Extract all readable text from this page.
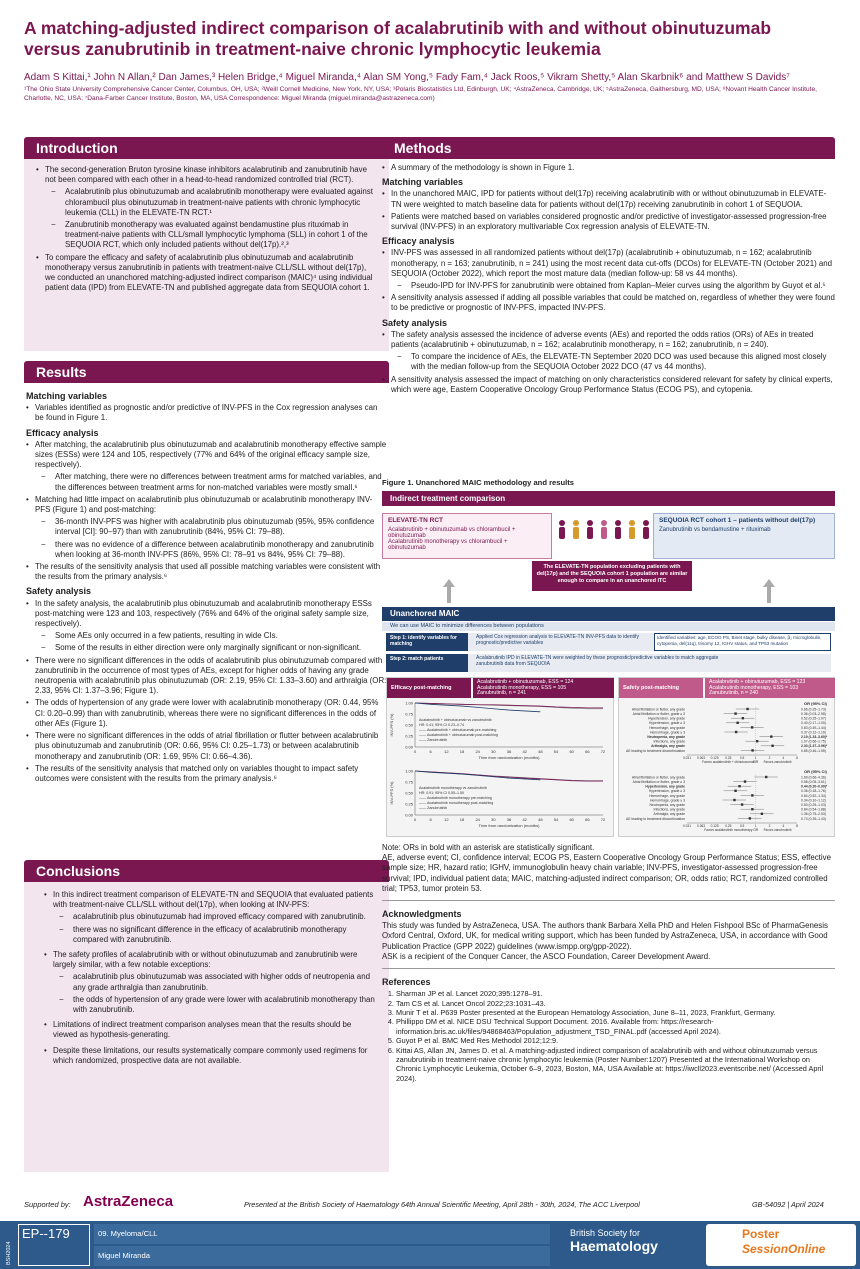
A matching-adjusted indirect comparison of acalabrutinib with and without obinutuzumab versus zanubrutinib in treatment-naive chronic lymphocytic leukemia
Adam S Kittai,¹ John N Allan,² Dan James,³ Helen Bridge,⁴ Miguel Miranda,⁴ Alan SM Yong,⁵ Fady Fam,⁴ Jack Roos,⁵ Vikram Shetty,⁵ Alan Skarbnik⁶ and Matthew S Davids⁷
¹The Ohio State University Comprehensive Cancer Center, Columbus, OH, USA; ²Weill Cornell Medicine, New York, NY, USA; ³Polaris Biostatistics Ltd, Edinburgh, UK; ⁴AstraZeneca, Cambridge, UK; ⁵AstraZeneca, Gaithersburg, MD, USA; ⁶Novant Health Cancer Institute, Charlotte, NC, USA; ⁷Dana-Farber Cancer Institute, Boston, MA, USA Correspondence: Miguel Miranda (miguel.miranda@astrazeneca.com)
Introduction
• The second-generation Bruton tyrosine kinase inhibitors acalabrutinib and zanubrutinib have not been compared with each other in a head-to-head randomized controlled trial (RCT).
− Acalabrutinib plus obinutuzumab and acalabrutinib monotherapy were evaluated against chlorambucil plus obinutuzumab in treatment-naive patients with chronic lymphocytic leukemia (CLL) in the ELEVATE-TN RCT.¹
− Zanubrutinib monotherapy was evaluated against bendamustine plus rituximab in treatment-naive patients with CLL/small lymphocytic lymphoma (SLL) in cohort 1 of the SEQUOIA RCT, which only included patients without del(17p).²,³
• To compare the efficacy and safety of acalabrutinib plus obinutuzumab and acalabrutinib monotherapy versus zanubrutinib in patients with treatment-naive CLL/SLL without del(17p), we conducted an unanchored matching-adjusted indirect comparison (MAIC)⁴ using individual patient data (IPD) from ELEVATE-TN and published aggregate data from SEQUOIA cohort 1.
Results
Matching variables
• Variables identified as prognostic and/or predictive of INV-PFS in the Cox regression analyses can be found in Figure 1.
Efficacy analysis
• After matching, the acalabrutinib plus obinutuzumab and acalabrutinib monotherapy effective sample sizes (ESSs) were 124 and 105, respectively (77% and 64% of the original efficacy sample size, respectively).
− After matching, there were no differences between treatment arms for matched variables, and the differences between treatment arms for non-matched variables were mostly small.⁶
• Matching had little impact on acalabrutinib plus obinutuzumab or acalabrutinib monotherapy INV-PFS (Figure 1) and post-matching:
− 36-month INV-PFS was higher with acalabrutinib plus obinutuzumab (95%, 95% confidence interval [CI]: 90–97) than with zanubrutinib (84%, 95% CI: 79–88).
− there was no evidence of a difference between acalabrutinib monotherapy and zanubrutinib when looking at 36-month INV-PFS (86%, 95% CI: 78–91 vs 84%, 95% CI: 79–88).
• The results of the sensitivity analysis that used all possible matching variables were consistent with the results from the primary analysis.⁶
Safety analysis
• In the safety analysis, the acalabrutinib plus obinutuzumab and acalabrutinib monotherapy ESSs post-matching were 123 and 103, respectively (76% and 64% of the original safety sample size, respectively).
− Some AEs only occurred in a few patients, resulting in wide CIs.
− Some of the results in either direction were only marginally significant or non-significant.
• There were no significant differences in the odds of acalabrutinib plus obinutuzumab compared with zanubrutinib in the occurrence of most types of AEs, except for higher odds of having any grade neutropenia with acalabrutinib plus obinutuzumab (OR: 2.19, 95% CI: 1.33–3.60) and arthralgia (OR: 2.33, 95% CI: 1.37–3.96; Figure 1).
• The odds of hypertension of any grade were lower with acalabrutinib monotherapy (OR: 0.44, 95% CI: 0.20–0.99) than with zanubrutinib, whereas there were no significant differences in the odds of other AEs (Figure 1).
• There were no significant differences in the odds of atrial fibrillation or flutter between acalabrutinib plus obinutuzumab and zanubrutinib (OR: 0.66, 95% CI: 0.25–1.73) or between acalabrutinib monotherapy and zanubrutinib (OR: 1.69, 95% CI: 0.66–4.36).
• The results of the sensitivity analysis that matched only on variables thought to impact safety outcomes were consistent with the results from the primary analysis.⁶
Conclusions
• In this indirect treatment comparison of ELEVATE-TN and SEQUOIA that evaluated patients with treatment-naive CLL/SLL without del(17p), when looking at INV-PFS:
− acalabrutinib plus obinutuzumab had improved efficacy compared with zanubrutinib.
− there was no significant difference in the efficacy of acalabrutinib monotherapy compared with zanubrutinib.
• The safety profiles of acalabrutinib with or without obinutuzumab and zanubrutinib were largely similar, with a few notable exceptions:
− acalabrutinib plus obinutuzumab was associated with higher odds of neutropenia and any grade arthralgia than zanubrutinib.
− the odds of hypertension of any grade were lower with acalabrutinib monotherapy than with zanubrutinib.
• Limitations of indirect treatment comparison analyses mean that the results should be viewed as hypothesis-generating.
• Despite these limitations, our results systematically compare commonly used regimens for which randomized, prospective data are not available.
Methods
• A summary of the methodology is shown in Figure 1.
Matching variables
• In the unanchored MAIC, IPD for patients without del(17p) receiving acalabrutinib with or without obinutuzumab in ELEVATE-TN were weighted to match baseline data for patients without del(17p) receiving zanubrutinib in cohort 1 of SEQUOIA.
• Patients were matched based on variables considered prognostic and/or predictive of investigator-assessed progression-free survival (INV-PFS) in an exploratory multivariable Cox regression analysis of ELEVATE-TN.
Efficacy analysis
• INV-PFS was assessed in all randomized patients without del(17p) (acalabrutinib + obinutuzumab, n = 162; acalabrutinib monotherapy, n = 163; zanubrutinib, n = 241) using the most recent data cut-offs (DCOs) for ELEVATE-TN (October 2021) and SEQUOIA (October 2022), which report the most mature data (median follow-up: 58 vs 44 months).
− Pseudo-IPD for INV-PFS for zanubrutinib were obtained from Kaplan–Meier curves using the algorithm by Guyot et al.⁵
• A sensitivity analysis assessed if adding all possible variables that could be matched on, regardless of whether they were found to be predictive or prognostic of INV-PFS, impacted INV-PFS.
Safety analysis
• The safety analysis assessed the incidence of adverse events (AEs) and reported the odds ratios (ORs) of AEs in treated patients (acalabrutinib + obinutuzumab, n = 162; acalabrutinib monotherapy, n = 162; zanubrutinib, n = 240).
− To compare the incidence of AEs, the ELEVATE-TN September 2020 DCO was used because this aligned most closely with the median follow-up from the SEQUOIA October 2022 DCO (47 vs 44 months).
• A sensitivity analysis assessed the impact of matching on only characteristics considered relevant for safety by clinical experts, which were age, Eastern Cooperative Oncology Group Performance Status (ECOG PS), and cytopenia.
Figure 1. Unanchored MAIC methodology and results
Indirect treatment comparison
ELEVATE-TN RCT
Acalabrutinib + obinutuzumab vs chlorambucil + obinutuzumab
Acalabrutinib monotherapy vs chlorambucil + obinutuzumab
SEQUOIA RCT cohort 1 – patients without del(17p)
Zanubrutinib vs bendamustine + rituximab
The ELEVATE-TN population excluding patients with del(17p) and the SEQUOIA cohort 1 population are similar enough to compare in an unanchored ITC
Unanchored MAIC
We can use MAIC to minimize differences between populations
Step 1: identify variables for matching
Applied Cox regression analysis to ELEVATE-TN INV-PFS data to identify prognostic/predictive variables
Identified variables: age, ECOG PS, Binet stage, bulky disease, β₂ microglobulin, cytopenia, del(11q), trisomy 12, IGHV status, and TP53 mutation
Step 2: match patients	Acalabrutinib IPD in ELEVATE-TN were weighted by these prognostic/predictive variables to match aggregate zanubrutinib data from SEQUOIA
Efficacy post-matching
Acalabrutinib + obinutuzumab, ESS = 124
Acalabrutinib monotherapy, ESS = 105
Zanubrutinib, n = 241
0.00
0.25
0.50
0.75
1.00
0	6	12	18	24	30	36	42	48	54	60	66	72
Time from randomization (months)
INV-PFS (%)	Acalabrutinib + obinutuzumab vs zanubrutinib
HR: 0.41; 95% CI 0.23–0.74
—— Acalabrutinib + obinutuzumab pre-matching
—— Acalabrutinib + obinutuzumab post-matching
—— Zanubrutinib
0.00
0.25
0.50
0.75
1.00
0	6	12	18	24	30	36	42	48	54	60	66	72
Time from randomization (months)
INV-PFS (%)	Acalabrutinib monotherapy vs zanubrutinib
HR: 0.91; 95% CI 0.55–1.50
—— Acalabrutinib monotherapy pre-matching
—— Acalabrutinib monotherapy post-matching
—— Zanubrutinib
Safety post-matching
Acalabrutinib + obinutuzumab, ESS = 123
Acalabrutinib monotherapy, ESS = 103
Zanubrutinib, n = 240
OR (95% CI)
Atrial fibrillation or flutter, any grade	0.66 (0.25–1.73)
Atrial fibrillation or flutter, grade ≥ 3	0.36 (0.03–2.98)
Hypertension, any grade	0.52 (0.25–1.07)
Hypertension, grade ≥ 3	0.40 (0.17–1.00)
Hemorrhage, any grade	0.83 (0.49–1.44)
Hemorrhage, grade ≥ 3	0.37 (0.12–1.19)
Neutropenia, any grade	2.19 (1.33–3.60)*
Infections, any grade	1.07 (0.66–1.75)
Arthralgia, any grade	2.33 (1.37–3.96)*
AE leading to treatment discontinuation	0.85 (0.46–1.55)
0.031 0.063 0.125 0.25	0.5	1	2	4	8
OR
Favors acalabrutinib + obinutuzumab	Favors zanubrutinib
OR (95% CI)
Atrial fibrillation or flutter, any grade	1.69 (0.66–4.36)
Atrial fibrillation or flutter, grade ≥ 3	0.58 (0.05–3.61)
Hypertension, any grade	0.44 (0.20–0.99)*
Hypertension, grade ≥ 3	0.36 (0.18–1.76)
Hemorrhage, any grade	0.84 (0.52–1.34)
Hemorrhage, grade ≥ 3	0.34 (0.10–1.12)
Neutropenia, any grade	0.50 (0.25–1.03)
Infections, any grade	0.84 (0.54–1.88)
Arthralgia, any grade	1.36 (0.75–2.53)
AE leading to treatment discontinuation	0.74 (0.39–1.43)
0.031 0.063 0.125 0.25	0.5	1	2	4	8
OR
Favors acalabrutinib monotherapy	Favors zanubrutinib
Note: ORs in bold with an asterisk are statistically significant.
AE, adverse event; CI, confidence interval; ECOG PS, Eastern Cooperative Oncology Group Performance Status; ESS, effective sample size; HR, hazard ratio; IGHV, immunoglobulin heavy chain variable; INV-PFS, investigator-assessed progression-free survival; IPD, individual patient data; MAIC, matching-adjusted indirect comparison; OR, odds ratio; RCT, randomized controlled trial; TP53, tumor protein 53.
Acknowledgments
This study was funded by AstraZeneca, USA. The authors thank Barbara Xella PhD and Helen Fishpool BSc of PharmaGenesis Oxford Central, Oxford, UK, for medical writing support, which has been funded by AstraZeneca, USA, in accordance with Good Publication Practice (GPP 2022) guidelines (www.ismpp.org/gpp-2022).
ASK is a recipient of the Conquer Cancer, the ASCO Foundation, Career Development Award.
References
1. Sharman JP et al. Lancet 2020;395:1278–91.
2. Tam CS et al. Lancet Oncol 2022;23:1031–43.
3. Munir T et al. P639 Poster presented at the European Hematology Association, June 8–11, 2023, Frankfurt, Germany.
4. Phillippo DM et al. NICE DSU Technical Support Document. 2016. Available from: https://research-information.bris.ac.uk/files/94868463/Population_adjustment_TSD_FINAL.pdf (accessed April 2024).
5. Guyot P et al. BMC Med Res Methodol 2012;12:9.
6. Kittai AS, Allan JN, James D. et al. A matching-adjusted indirect comparison of acalabrutinib with and without obinutuzumab versus zanubrutinib in treatment-naive chronic lymphocytic leukemia (Poster Number:1207) Presented at the International Workshop on Chronic Lymphocytic Leukemia, October 6–9, 2023, Boston, MA, USA Available at: https://iwcll2023.eventscribe.net/ (Accessed April 2024).
Supported by: AstraZeneca	Presented at the British Society of Haematology 64th Annual Scientific Meeting, April 28th - 30th, 2024, The ACC Liverpool	GB-54092 | April 2024
BSH2024
EP--179	09. Myeloma/CLL
Miguel Miranda
British Society for
Haematology
Poster
SessionOnline
